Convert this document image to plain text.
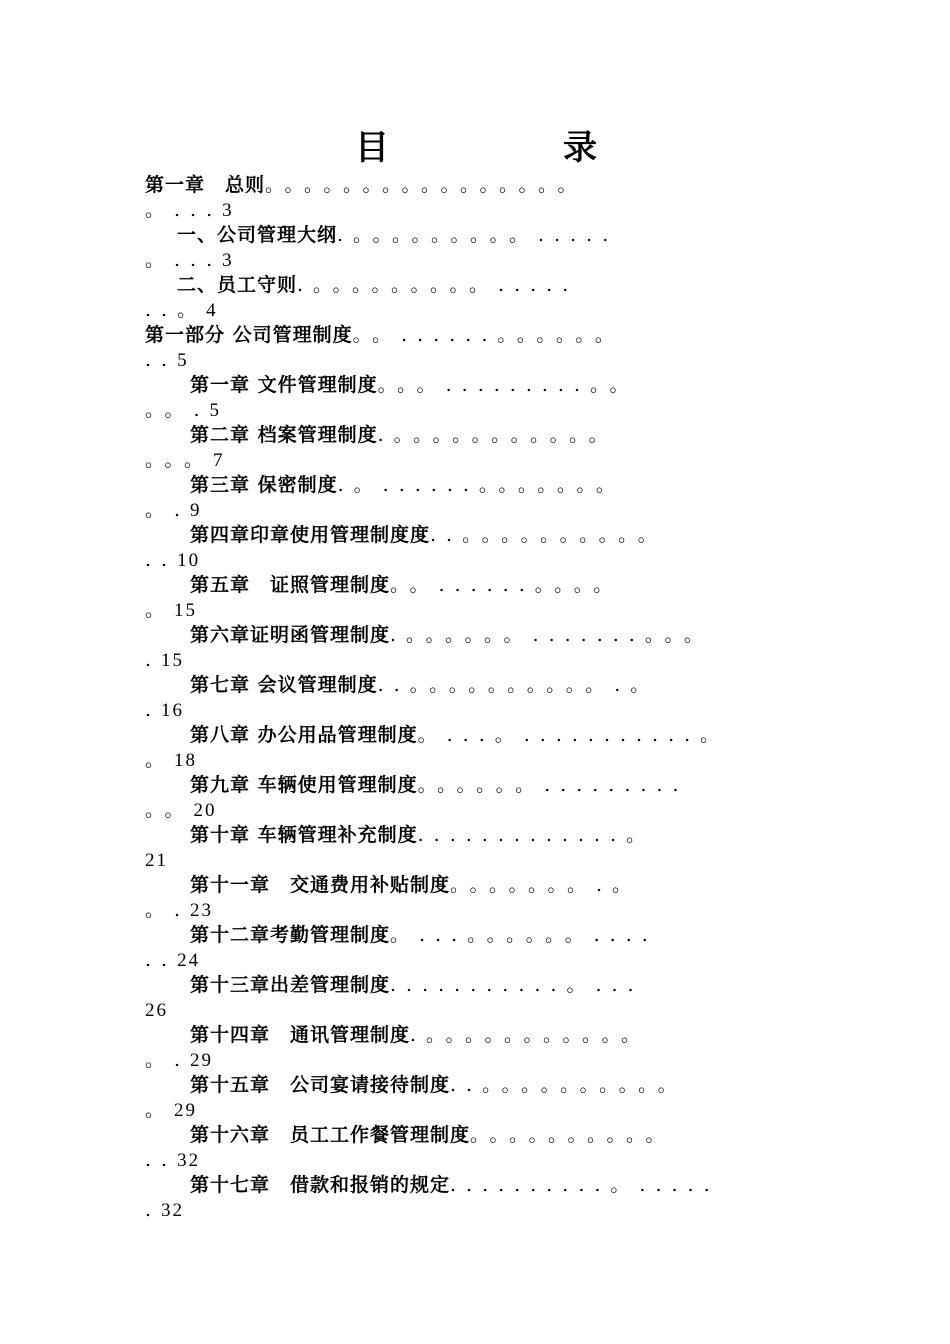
目	录
第一章　总则。。。。。。。。。。。。。。。。
。...3
一、公司管理大纲.。。。。。。。。。.....
。...3
二、员工守则.。。。。。。。。。.....
..。4
第一部分 公司管理制度。。......。。。。。。
..5
第一章 文件管理制度。。。.........。。
。。.5
第二章 档案管理制度.。。。。。。。。。。。
。。。7
第三章 保密制度.。......。。。。。。。
。.9
第四章印章使用管理制度度..。。。。。。。。。。
..10
第五章　证照管理制度。。......。。。。
。15
第六章证明函管理制度.。。。。。。.......。。。
.15
第七章 会议管理制度..。。。。。。。。。。.。
.16
第八章 办公用品管理制度。...。...........。
。18
第九章 车辆使用管理制度。。。。。。.........
。。20
第十章 车辆管理补充制度.............。
21
第十一章　交通费用补贴制度。。。。。。。.。
。.23
第十二章考勤管理制度。...。。。。。。....
..24
第十三章出差管理制度...........。...
26
第十四章　通讯管理制度.。。。。。。。。。。。
。.29
第十五章　公司宴请接待制度..。。。。。。。。。。
。29
第十六章　员工工作餐管理制度。。。。。。。。。。
..32
第十七章　借款和报销的规定..........。.....
.32
